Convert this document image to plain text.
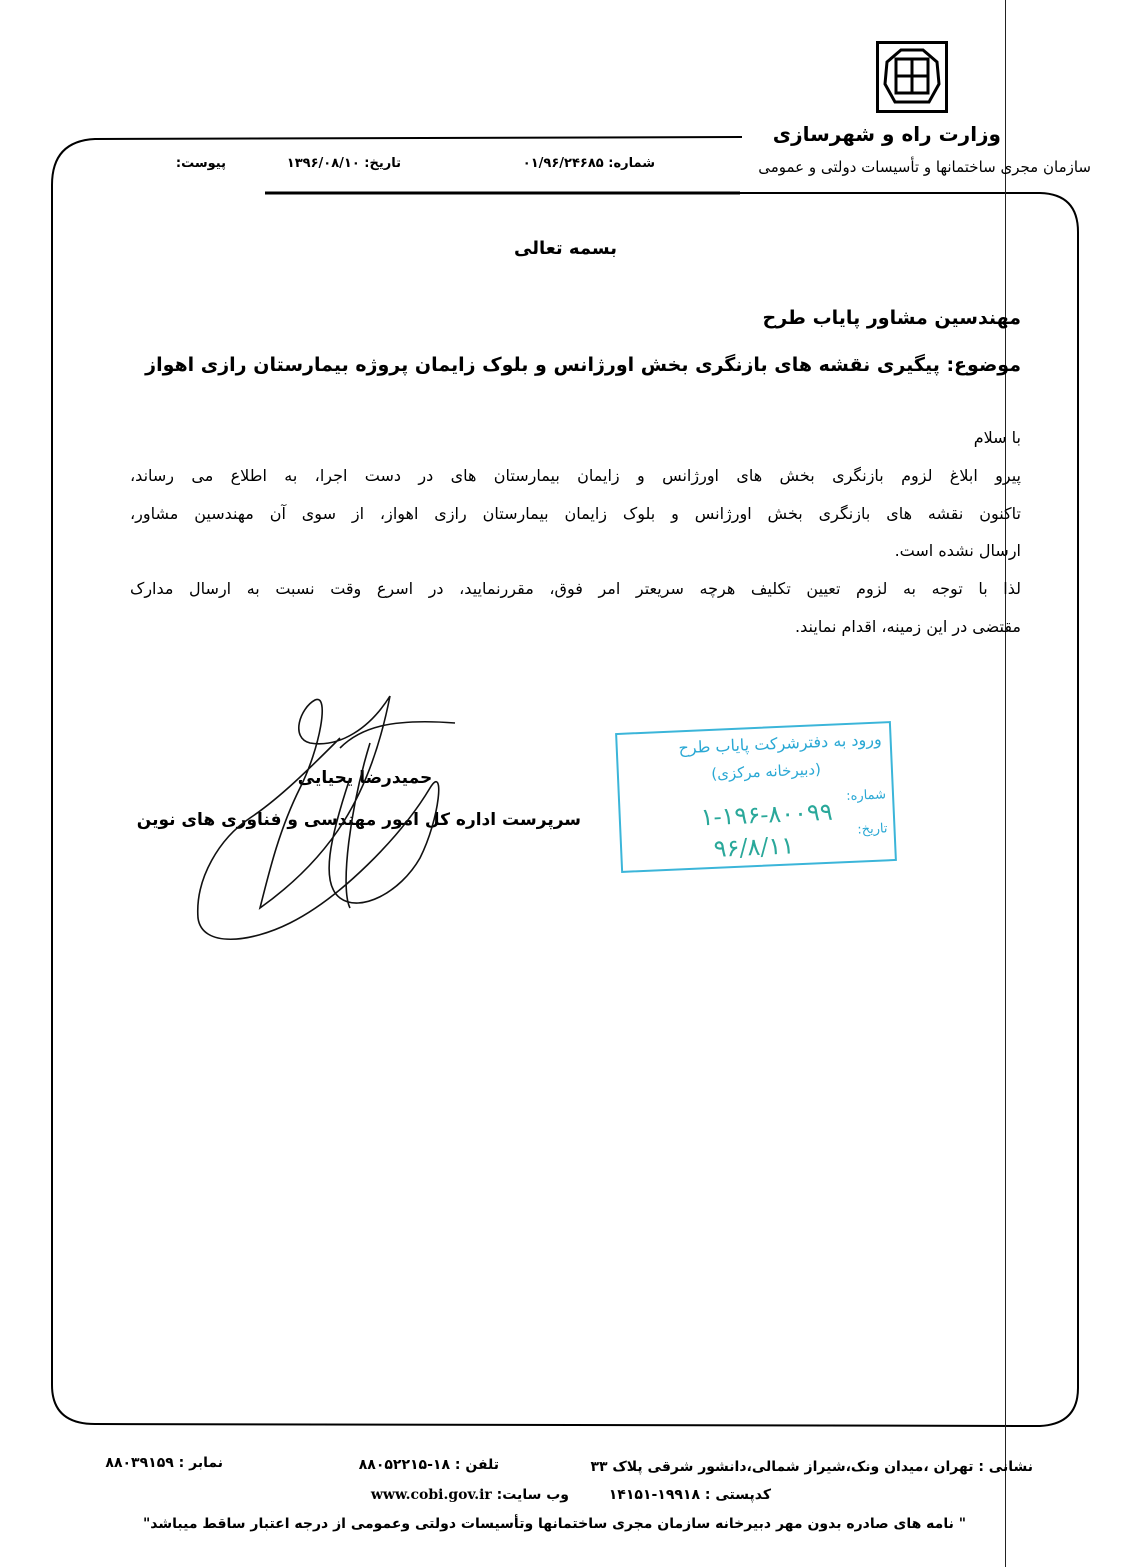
وزارت راه و شهرسازی
سازمان مجری ساختمانها و تأسیسات دولتی و عمومی
شماره: ۰۱/۹۶/۲۴۶۸۵
تاریخ: ۱۳۹۶/۰۸/۱۰
پیوست:
بسمه تعالی
مهندسین مشاور پایاب طرح
موضوع: پیگیری نقشه های بازنگری بخش اورژانس و بلوک زایمان پروژه بیمارستان رازی اهواز
با سلام
پیرو ابلاغ لزوم بازنگری بخش های اورژانس و زایمان بیمارستان های در دست اجرا، به اطلاع می رساند،
تاکنون نقشه های بازنگری بخش اورژانس و بلوک زایمان بیمارستان رازی اهواز، از سوی آن مهندسین مشاور،
ارسال نشده است.
لذا با توجه به لزوم تعیین تکلیف هرچه سریعتر امر فوق، مقررنمایید، در اسرع وقت نسبت به ارسال مدارک
مقتضی در این زمینه، اقدام نمایند.
حمیدرضا یحیایی
سرپرست اداره کل امور مهندسی و فناوری های نوین
ورود به دفترشرکت پایاب طرح
(دبیرخانه مرکزی)
شماره:
۱-۱۹۶-۸۰۰۹۹ تاریخ:
۹۶/۸/۱۱
نشانی : تهران ،میدان ونک،شیراز شمالی،دانشور شرقی پلاک ۳۳
تلفن : ۱۸-۸۸۰۵۲۲۱۵
نمابر : ۸۸۰۳۹۱۵۹
کدپستی : ۱۹۹۱۸-۱۴۱۵۱
وب سایت: www.cobi.gov.ir
" نامه های صادره بدون مهر دبیرخانه سازمان مجری ساختمانها وتأسیسات دولتی وعمومی از درجه اعتبار ساقط میباشد"
